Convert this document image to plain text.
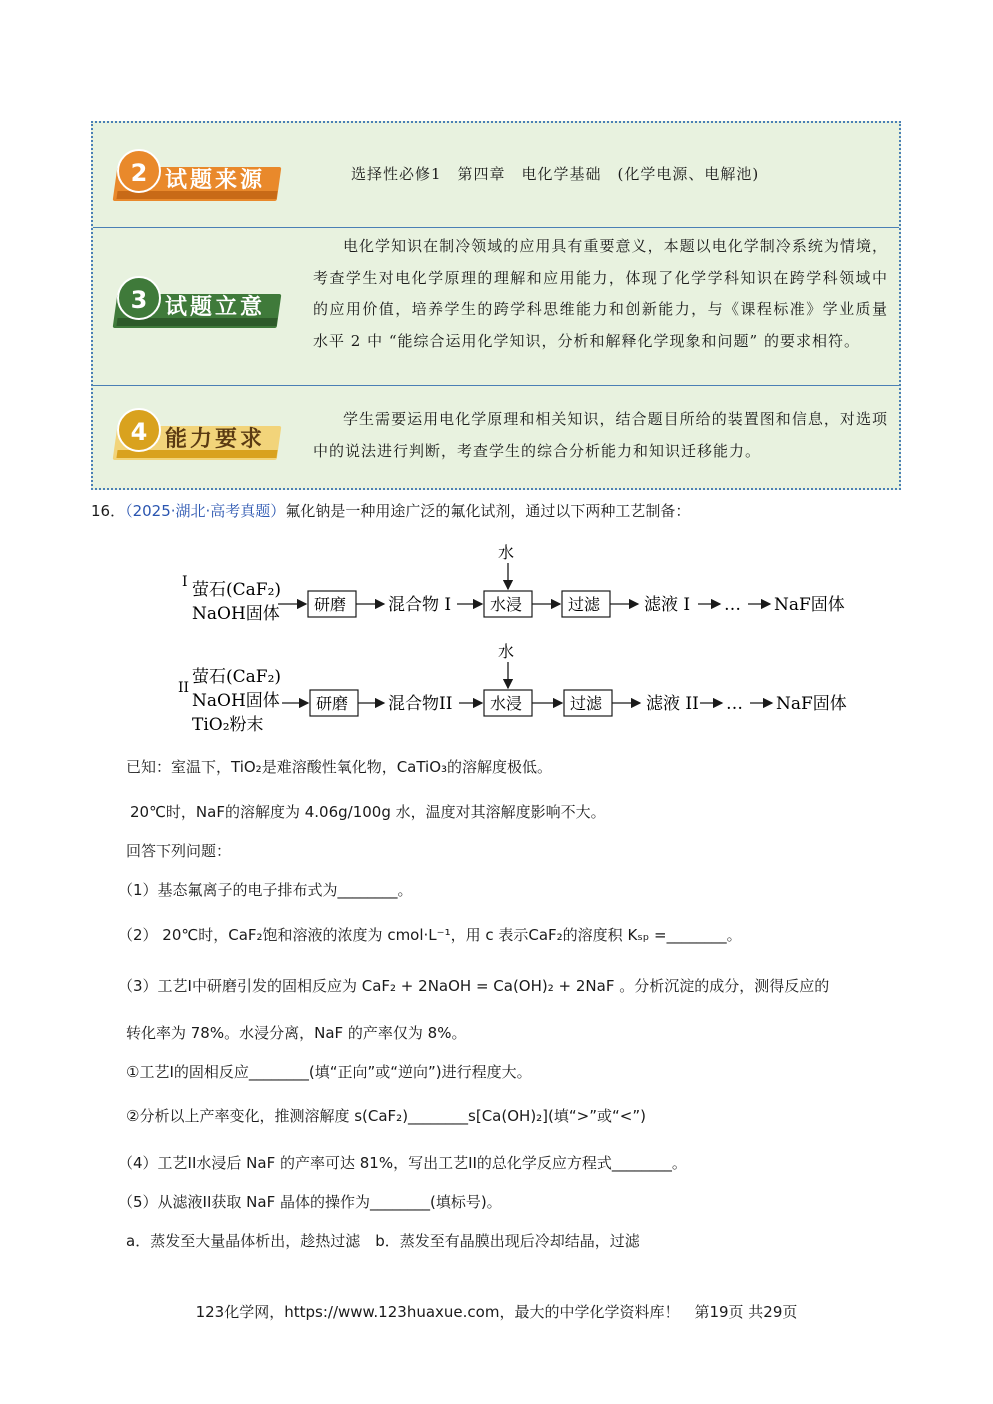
2 试题来源	选择性必修1　第四章　电化学基础　(化学电源、电解池)
3 试题立意
电化学知识在制冷领域的应用具有重要意义，本题以电化学制冷系统为情境，考查学生对电化学原理的理解和应用能力，体现了化学学科知识在跨学科领域中的应用价值，培养学生的跨学科思维能力和创新能力，与《课程标准》学业质量水平 2 中 “能综合运用化学知识，分析和解释化学现象和问题” 的要求相符。
4 能力要求
学生需要运用电化学原理和相关知识，结合题目所给的装置图和信息，对选项中的说法进行判断，考查学生的综合分析能力和知识迁移能力。
16．（2025·湖北·高考真题）氟化钠是一种用途广泛的氟化试剂，通过以下两种工艺制备：
I 萤石(CaF₂)
NaOH固体 研磨 混合物 I 水浸
水
过滤	滤液 I … NaF固体
II
萤石(CaF₂)
NaOH固体
TiO₂粉末
研磨 混合物II 水浸
水
过滤	滤液 II … NaF固体
已知：室温下，TiO₂是难溶酸性氧化物，CaTiO₃的溶解度极低。
20℃时，NaF的溶解度为 4.06g/100g 水，温度对其溶解度影响不大。
回答下列问题：
（1）基态氟离子的电子排布式为________。
（2） 20℃时，CaF₂饱和溶液的浓度为 cmol·L⁻¹，用 c 表示CaF₂的溶度积 Kₛₚ =________。
（3）工艺I中研磨引发的固相反应为 CaF₂ + 2NaOH = Ca(OH)₂ + 2NaF 。分析沉淀的成分，测得反应的
转化率为 78%。水浸分离，NaF 的产率仅为 8%。
①工艺I的固相反应________(填“正向”或“逆向”)进行程度大。
②分析以上产率变化，推测溶解度 s(CaF₂)________s[Ca(OH)₂](填“>”或“<”)
（4）工艺II水浸后 NaF 的产率可达 81%，写出工艺II的总化学反应方程式________。
（5）从滤液II获取 NaF 晶体的操作为________(填标号)。
a．蒸发至大量晶体析出，趁热过滤　b．蒸发至有晶膜出现后冷却结晶，过滤
123化学网，https://www.123huaxue.com，最大的中学化学资料库！　第19页 共29页
